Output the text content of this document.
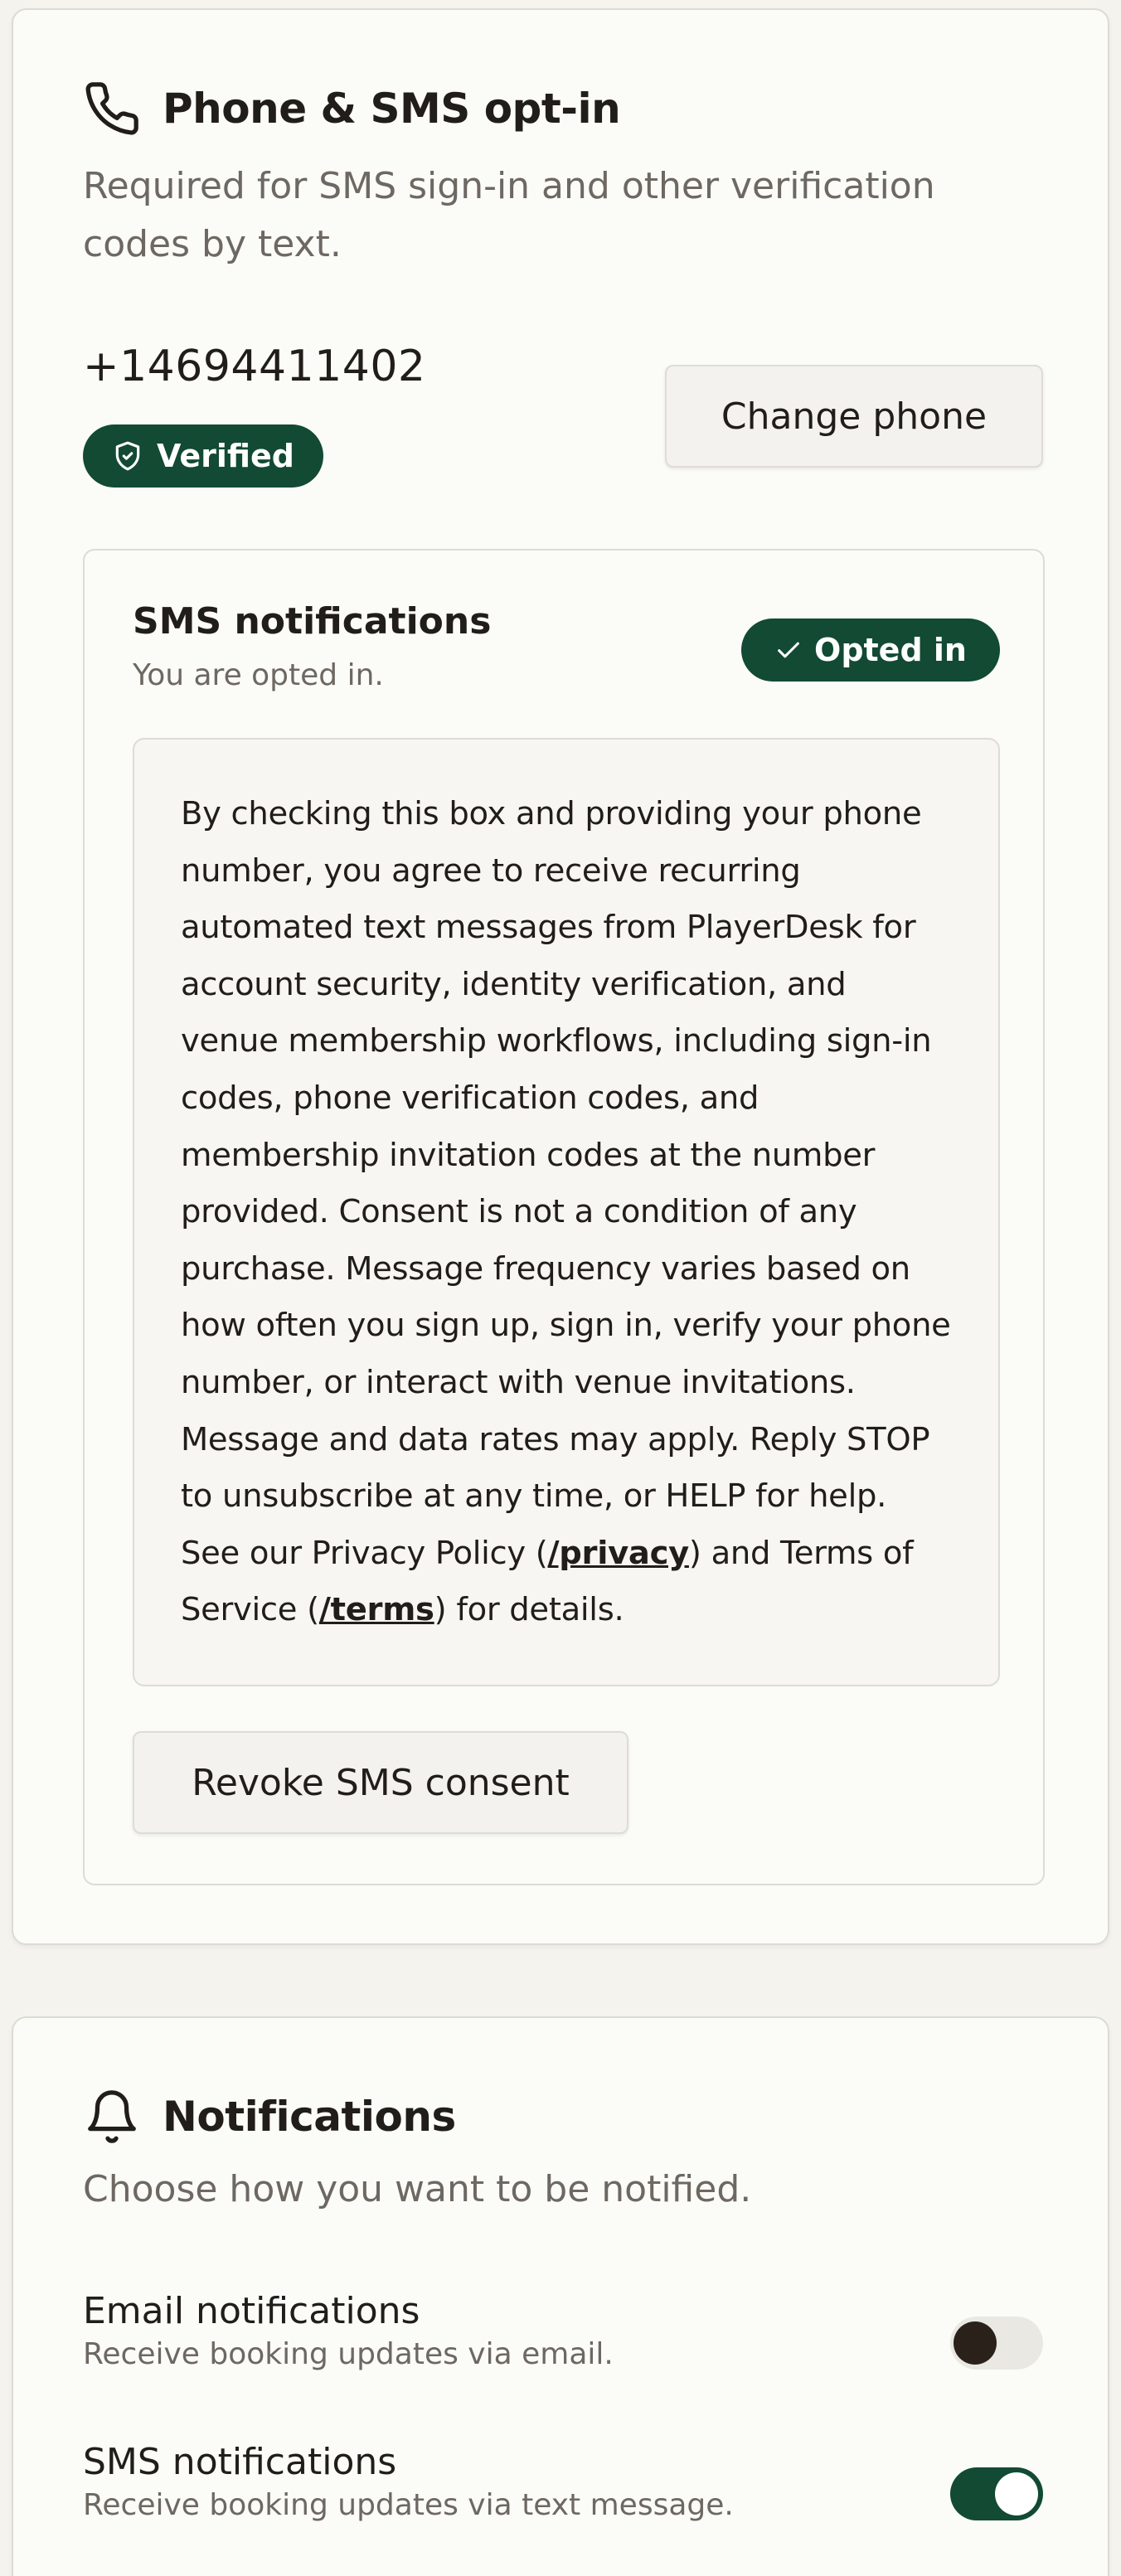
Phone & SMS opt-in

Required for SMS sign-in and other verification codes by text.

+14694411402
Verified
Change phone
SMS notifications
You are opted in.
Opted in

By checking this box and providing your phone number, you agree to receive recurring automated text messages from PlayerDesk for account security, identity verification, and venue membership workflows, including sign-in codes, phone verification codes, and membership invitation codes at the number provided. Consent is not a condition of any purchase. Message frequency varies based on how often you sign up, sign in, verify your phone number, or interact with venue invitations. Message and data rates may apply. Reply STOP to unsubscribe at any time, or HELP for help. See our Privacy Policy (/privacy) and Terms of Service (/terms) for details.

Revoke SMS consent
Notifications

Choose how you want to be notified.

Email notifications
Receive booking updates via email.
SMS notifications
Receive booking updates via text message.
